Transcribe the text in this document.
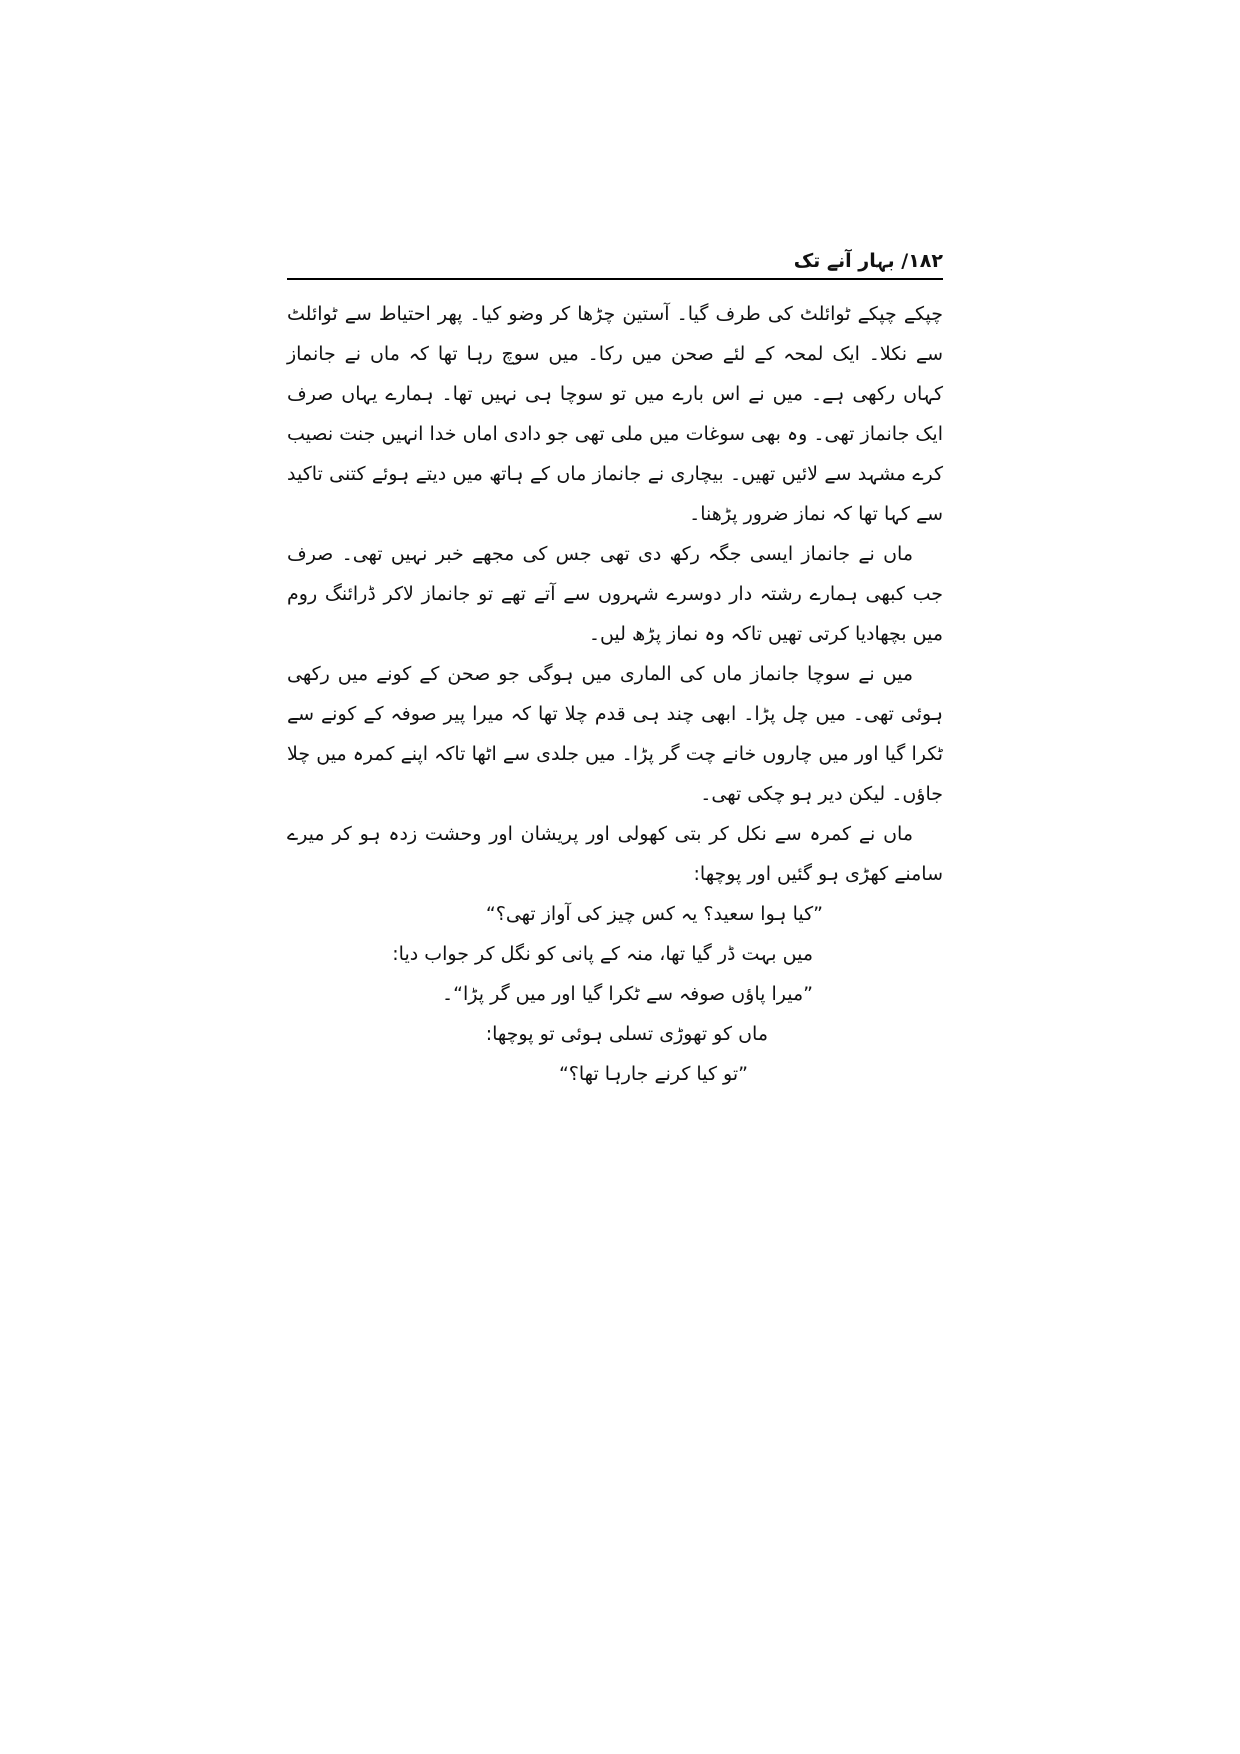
۱۸۲/ بہار آنے تک

چپکے چپکے ٹوائلٹ کی طرف گیا۔ آستین چڑھا کر وضو کیا۔ پھر احتیاط سے ٹوائلٹ سے نکلا۔ ایک لمحہ کے لئے صحن میں رکا۔ میں سوچ رہا تھا کہ ماں نے جانماز کہاں رکھی ہے۔ میں نے اس بارے میں تو سوچا ہی نہیں تھا۔ ہمارے یہاں صرف ایک جانماز تھی۔ وہ بھی سوغات میں ملی تھی جو دادی اماں خدا انہیں جنت نصیب کرے مشہد سے لائیں تھیں۔ بیچاری نے جانماز ماں کے ہاتھ میں دیتے ہوئے کتنی تاکید سے کہا تھا کہ نماز ضرور پڑھنا۔

ماں نے جانماز ایسی جگہ رکھ دی تھی جس کی مجھے خبر نہیں تھی۔ صرف جب کبھی ہمارے رشتہ دار دوسرے شہروں سے آتے تھے تو جانماز لاکر ڈرائنگ روم میں بچھادیا کرتی تھیں تاکہ وہ نماز پڑھ لیں۔

میں نے سوچا جانماز ماں کی الماری میں ہوگی جو صحن کے کونے میں رکھی ہوئی تھی۔ میں چل پڑا۔ ابھی چند ہی قدم چلا تھا کہ میرا پیر صوفہ کے کونے سے ٹکرا گیا اور میں چاروں خانے چت گر پڑا۔ میں جلدی سے اٹھا تاکہ اپنے کمرہ میں چلا جاؤں۔ لیکن دیر ہو چکی تھی۔

ماں نے کمرہ سے نکل کر بتی کھولی اور پریشان اور وحشت زدہ ہو کر میرے سامنے کھڑی ہو گئیں اور پوچھا:

”کیا ہوا سعید؟ یہ کس چیز کی آواز تھی؟“

میں بہت ڈر گیا تھا، منہ کے پانی کو نگل کر جواب دیا:

”میرا پاؤں صوفہ سے ٹکرا گیا اور میں گر پڑا“۔

ماں کو تھوڑی تسلی ہوئی تو پوچھا:

”تو کیا کرنے جارہا تھا؟“
